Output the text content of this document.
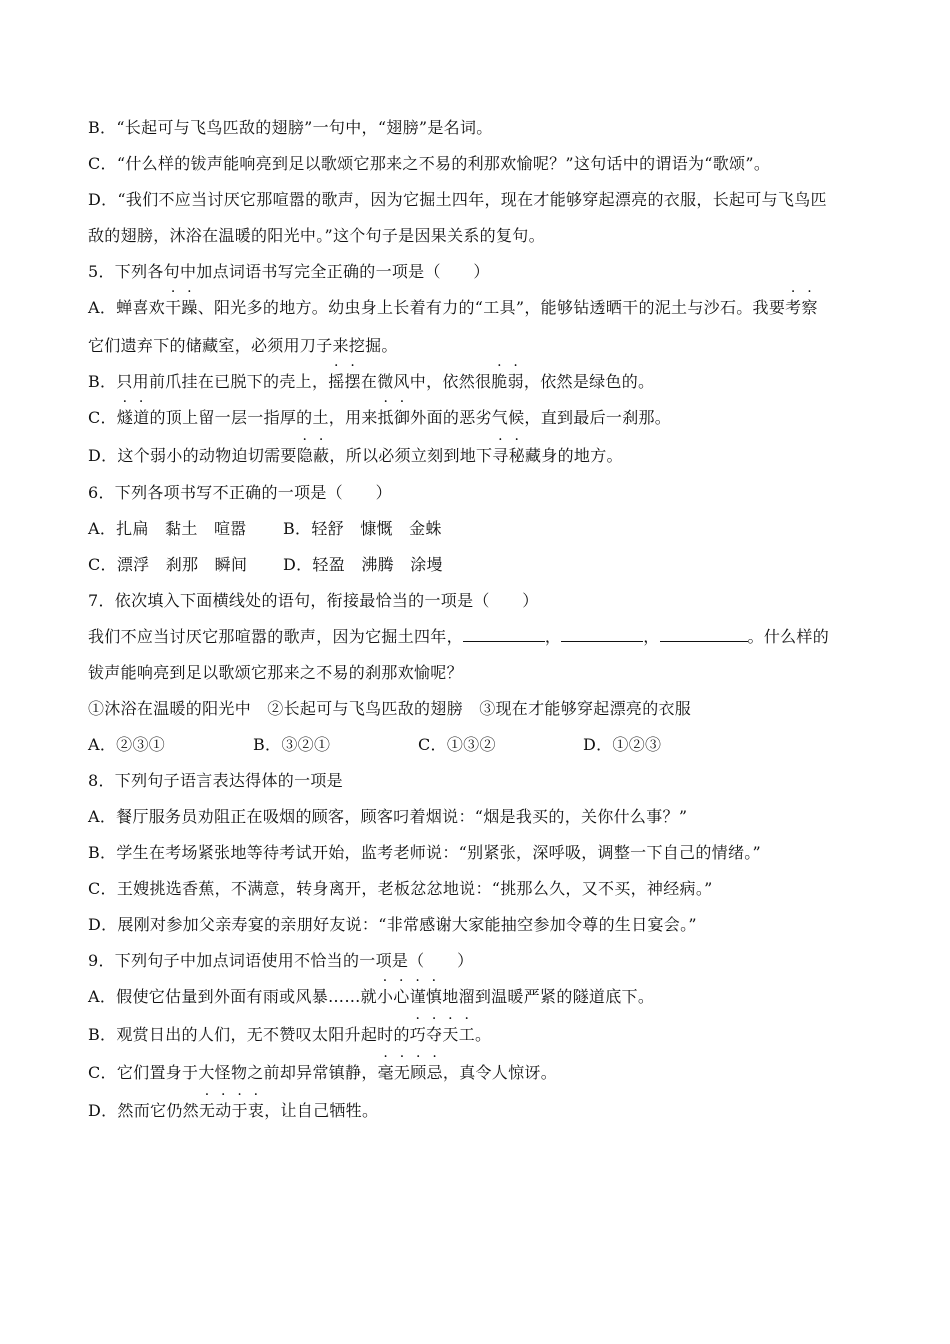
B．“长起可与飞鸟匹敌的翅膀”一句中，“翅膀”是名词。
C．“什么样的钹声能响亮到足以歌颂它那来之不易的利那欢愉呢？”这句话中的谓语为“歌颂”。
D．“我们不应当讨厌它那喧嚣的歌声，因为它掘土四年，现在才能够穿起漂亮的衣服，长起可与飞鸟匹
敌的翅膀，沐浴在温暖的阳光中。”这个句子是因果关系的复句。
5．下列各句中加点词语书写完全正确的一项是（　　）
A．蝉喜欢干躁、阳光多的地方。幼虫身上长着有力的“工具”，能够钻透晒干的泥土与沙石。我要考察
它们遗弃下的储藏室，必须用刀子来挖掘。
B．只用前爪挂在已脱下的壳上，摇摆在微风中，依然很脆弱，依然是绿色的。
C．燧道的顶上留一层一指厚的土，用来抵御外面的恶劣气候，直到最后一刹那。
D．这个弱小的动物迫切需要隐蔽，所以必须立刻到地下寻秘藏身的地方。
6．下列各项书写不正确的一项是（　　）
A．扎扁　黏土　喧嚣 B．轻舒　慷慨　金蛛
C．漂浮　刹那　瞬间 D．轻盈　沸腾　涂墁
7．依次填入下面横线处的语句，衔接最恰当的一项是（　　）
我们不应当讨厌它那喧嚣的歌声，因为它掘土四年，	，	，	。什么样的
钹声能响亮到足以歌颂它那来之不易的刹那欢愉呢？
①沐浴在温暖的阳光中　②长起可与飞鸟匹敌的翅膀　③现在才能够穿起漂亮的衣服
A．②③①	B．③②①	C．①③②	D．①②③
8．下列句子语言表达得体的一项是
A．餐厅服务员劝阻正在吸烟的顾客，顾客叼着烟说：“烟是我买的，关你什么事？”
B．学生在考场紧张地等待考试开始，监考老师说：“别紧张，深呼吸，调整一下自己的情绪。”
C．王嫂挑选香蕉，不满意，转身离开，老板忿忿地说：“挑那么久，又不买，神经病。”
D．展刚对参加父亲寿宴的亲朋好友说：“非常感谢大家能抽空参加令尊的生日宴会。”
9．下列句子中加点词语使用不恰当的一项是（　　）
A．假使它估量到外面有雨或风暴……就小心谨慎地溜到温暖严紧的隧道底下。
B．观赏日出的人们，无不赞叹太阳升起时的巧夺天工。
C．它们置身于大怪物之前却异常镇静，毫无顾忌，真令人惊讶。
D．然而它仍然无动于衷，让自己牺牲。
